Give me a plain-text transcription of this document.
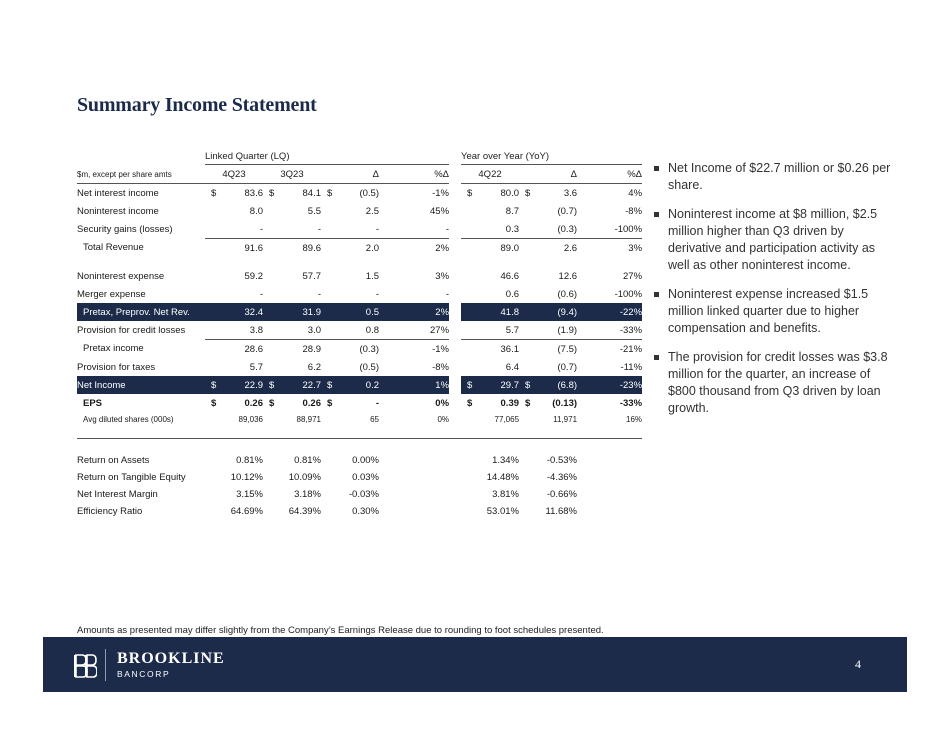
Summary Income Statement
Linked Quarter (LQ)	Year over Year (YoY)
$m, except per share amts	4Q23		3Q23		Δ		%Δ		4Q22		Δ		%Δ
Net interest income	$	83.6	$	84.1	$	(0.5)	-1%		$	80.0	$	3.6	4%
Noninterest income		8.0		5.5		2.5	45%			8.7		(0.7)	-8%
Security gains (losses)		-		-		-	-			0.3		(0.3)	-100%
Total Revenue		91.6		89.6		2.0	2%			89.0		2.6	3%

Noninterest expense		59.2		57.7		1.5	3%			46.6		12.6	27%
Merger expense		-		-		-	-			0.6		(0.6)	-100%
Pretax, Preprov. Net Rev.		32.4		31.9		0.5	2%			41.8		(9.4)	-22%
Provision for credit losses		3.8		3.0		0.8	27%			5.7		(1.9)	-33%
Pretax income		28.6		28.9		(0.3)	-1%			36.1		(7.5)	-21%
Provision for taxes		5.7		6.2		(0.5)	-8%			6.4		(0.7)	-11%
Net Income	$	22.9	$	22.7	$	0.2	1%		$	29.7	$	(6.8)	-23%
EPS	$	0.26	$	0.26	$	-	0%		$	0.39	$	(0.13)	-33%
Avg diluted shares (000s)		89,036		88,971		65	0%			77,065		11,971	16%
Return on Assets		0.81%		0.81%		0.00%				1.34%		-0.53%	
Return on Tangible Equity		10.12%		10.09%		0.03%				14.48%		-4.36%	
Net Interest Margin		3.15%		3.18%		-0.03%				3.81%		-0.66%	
Efficiency Ratio		64.69%		64.39%		0.30%				53.01%		11.68%	
Net Income of $22.7 million or $0.26 per share.
Noninterest income at $8 million, $2.5 million higher than Q3 driven by derivative and participation activity as well as other noninterest income.
Noninterest expense increased $1.5 million linked quarter due to higher compensation and benefits.
The provision for credit losses was $3.8 million for the quarter, an increase of $800 thousand from Q3 driven by loan growth.
Amounts as presented may differ slightly from the Company’s Earnings Release due to rounding to foot schedules presented.
BROOKLINE
BANCORP
4
